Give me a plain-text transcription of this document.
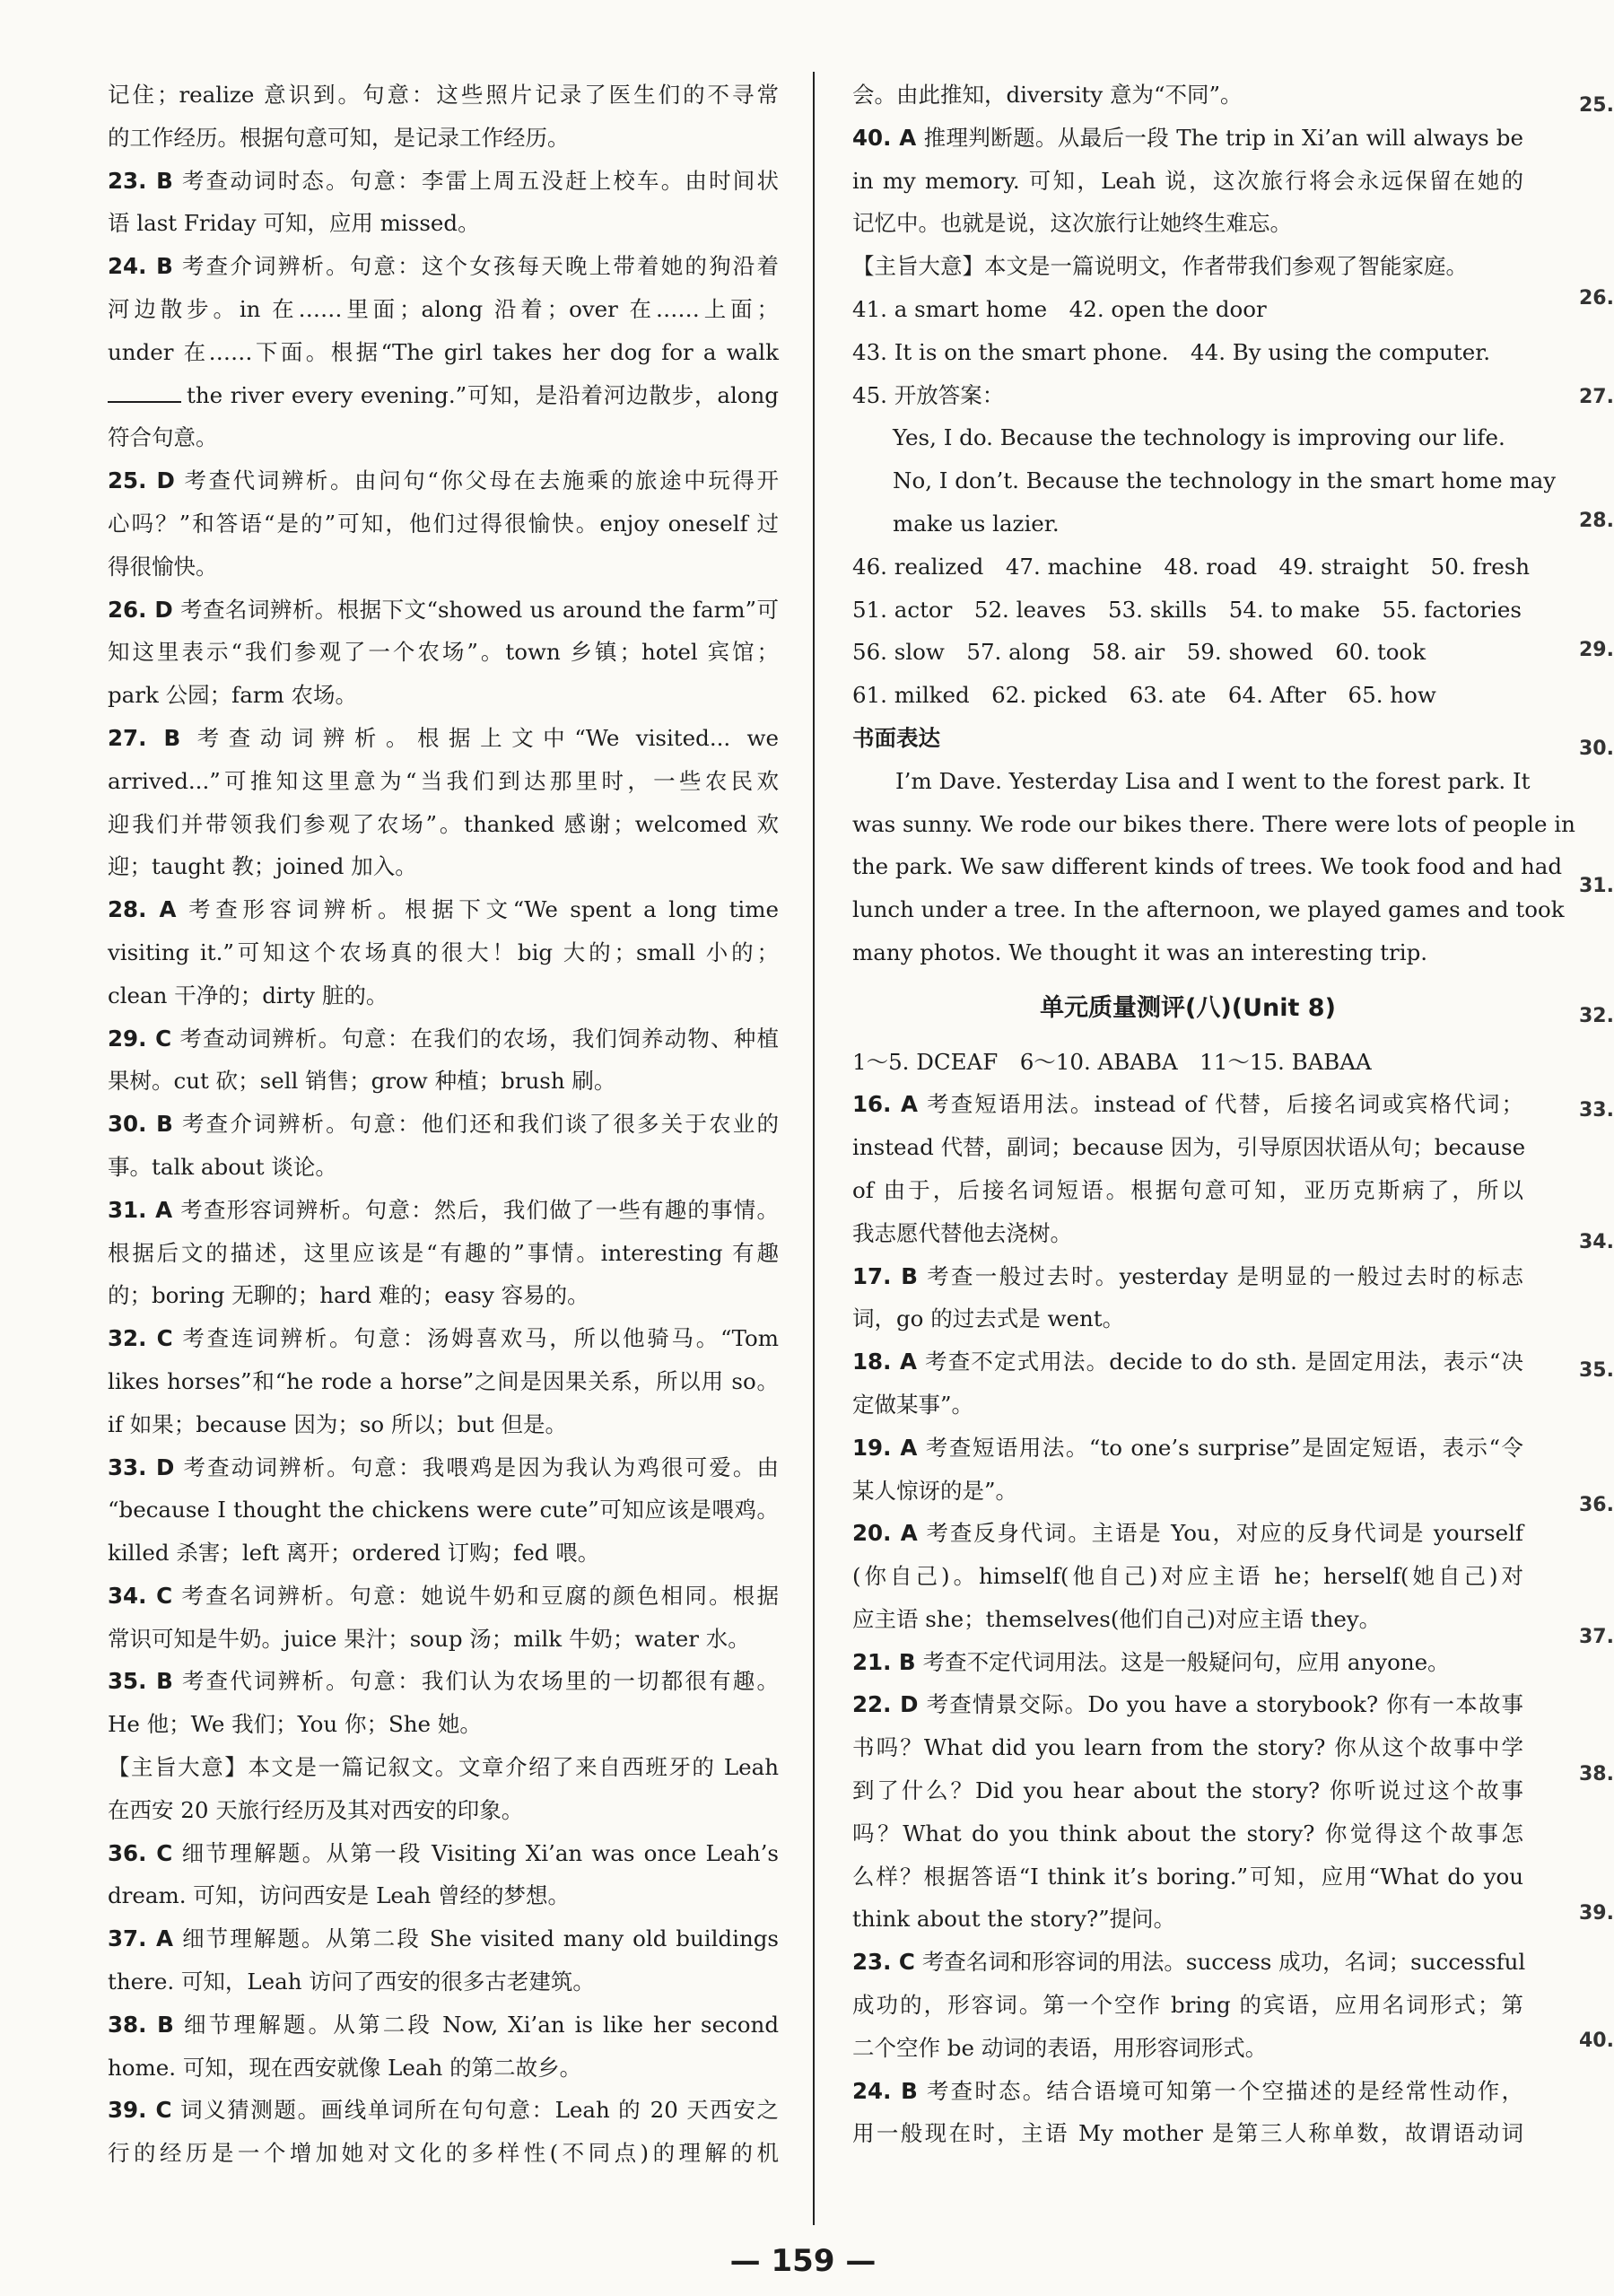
记住；realize 意识到。句意：这些照片记录了医生们的不寻常
的工作经历。根据句意可知，是记录工作经历。
23. B 考查动词时态。句意：李雷上周五没赶上校车。由时间状
语 last Friday 可知，应用 missed。
24. B 考查介词辨析。句意：这个女孩每天晚上带着她的狗沿着
河边散步。in 在……里面；along 沿着；over 在……上面；
under 在……下面。根据“The girl takes her dog for a walk
the river every evening.”可知，是沿着河边散步，along
符合句意。
25. D 考查代词辨析。由问句“你父母在去施乘的旅途中玩得开
心吗？”和答语“是的”可知，他们过得很愉快。enjoy oneself 过
得很愉快。
26. D 考查名词辨析。根据下文“showed us around the farm”可
知这里表示“我们参观了一个农场”。town 乡镇；hotel 宾馆；
park 公园；farm 农场。
27. B 考查动词辨析。根据上文中“We visited... we
arrived...”可推知这里意为“当我们到达那里时，一些农民欢
迎我们并带领我们参观了农场”。thanked 感谢；welcomed 欢
迎；taught 教；joined 加入。
28. A 考查形容词辨析。根据下文“We spent a long time
visiting it.”可知这个农场真的很大！big 大的；small 小的；
clean 干净的；dirty 脏的。
29. C 考查动词辨析。句意：在我们的农场，我们饲养动物、种植
果树。cut 砍；sell 销售；grow 种植；brush 刷。
30. B 考查介词辨析。句意：他们还和我们谈了很多关于农业的
事。talk about 谈论。
31. A 考查形容词辨析。句意：然后，我们做了一些有趣的事情。
根据后文的描述，这里应该是“有趣的”事情。interesting 有趣
的；boring 无聊的；hard 难的；easy 容易的。
32. C 考查连词辨析。句意：汤姆喜欢马，所以他骑马。“Tom
likes horses”和“he rode a horse”之间是因果关系，所以用 so。
if 如果；because 因为；so 所以；but 但是。
33. D 考查动词辨析。句意：我喂鸡是因为我认为鸡很可爱。由
“because I thought the chickens were cute”可知应该是喂鸡。
killed 杀害；left 离开；ordered 订购；fed 喂。
34. C 考查名词辨析。句意：她说牛奶和豆腐的颜色相同。根据
常识可知是牛奶。juice 果汁；soup 汤；milk 牛奶；water 水。
35. B 考查代词辨析。句意：我们认为农场里的一切都很有趣。
He 他；We 我们；You 你；She 她。
【主旨大意】本文是一篇记叙文。文章介绍了来自西班牙的 Leah
在西安 20 天旅行经历及其对西安的印象。
36. C 细节理解题。从第一段 Visiting Xi’an was once Leah’s
dream. 可知，访问西安是 Leah 曾经的梦想。
37. A 细节理解题。从第二段 She visited many old buildings
there. 可知，Leah 访问了西安的很多古老建筑。
38. B 细节理解题。从第二段 Now, Xi’an is like her second
home. 可知，现在西安就像 Leah 的第二故乡。
39. C 词义猜测题。画线单词所在句句意：Leah 的 20 天西安之
行的经历是一个增加她对文化的多样性(不同点)的理解的机
会。由此推知，diversity 意为“不同”。
40. A 推理判断题。从最后一段 The trip in Xi’an will always be
in my memory. 可知，Leah 说，这次旅行将会永远保留在她的
记忆中。也就是说，这次旅行让她终生难忘。
【主旨大意】本文是一篇说明文，作者带我们参观了智能家庭。
41. a smart home　42. open the door
43. It is on the smart phone.　44. By using the computer.
45. 开放答案：
Yes, I do. Because the technology is improving our life.
No, I don’t. Because the technology in the smart home may
make us lazier.
46. realized　47. machine　48. road　49. straight　50. fresh
51. actor　52. leaves　53. skills　54. to make　55. factories
56. slow　57. along　58. air　59. showed　60. took
61. milked　62. picked　63. ate　64. After　65. how
书面表达
I’m Dave. Yesterday Lisa and I went to the forest park. It
was sunny. We rode our bikes there. There were lots of people in
the park. We saw different kinds of trees. We took food and had
lunch under a tree. In the afternoon, we played games and took
many photos. We thought it was an interesting trip.
单元质量测评(八)(Unit 8)
1～5. DCEAF　6～10. ABABA　11～15. BABAA
16. A 考查短语用法。instead of 代替，后接名词或宾格代词；
instead 代替，副词；because 因为，引导原因状语从句；because
of 由于，后接名词短语。根据句意可知，亚历克斯病了，所以
我志愿代替他去浇树。
17. B 考查一般过去时。yesterday 是明显的一般过去时的标志
词，go 的过去式是 went。
18. A 考查不定式用法。decide to do sth. 是固定用法，表示“决
定做某事”。
19. A 考查短语用法。“to one’s surprise”是固定短语，表示“令
某人惊讶的是”。
20. A 考查反身代词。主语是 You，对应的反身代词是 yourself
(你自己)。himself(他自己)对应主语 he；herself(她自己)对
应主语 she；themselves(他们自己)对应主语 they。
21. B 考查不定代词用法。这是一般疑问句，应用 anyone。
22. D 考查情景交际。Do you have a storybook? 你有一本故事
书吗？What did you learn from the story? 你从这个故事中学
到了什么？Did you hear about the story? 你听说过这个故事
吗？What do you think about the story? 你觉得这个故事怎
么样？根据答语“I think it’s boring.”可知，应用“What do you
think about the story?”提问。
23. C 考查名词和形容词的用法。success 成功，名词；successful
成功的，形容词。第一个空作 bring 的宾语，应用名词形式；第
二个空作 be 动词的表语，用形容词形式。
24. B 考查时态。结合语境可知第一个空描述的是经常性动作，
用一般现在时，主语 My mother 是第三人称单数，故谓语动词
— 159 —
25.
26.
27.
28.
29.
30.
31.
32.
33.
34.
35.
36.
37.
38.
39.
40.
